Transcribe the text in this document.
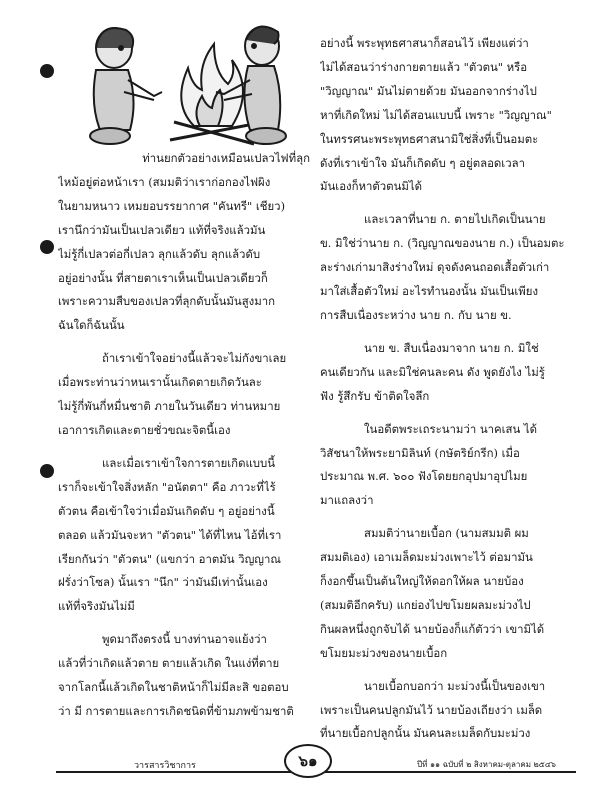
ท่านยกตัวอย่างเหมือนเปลวไฟที่ลุก
ไหม้อยู่ต่อหน้าเรา (สมมติว่าเราก่อกองไฟผิง
ในยามหนาว เหมยอบรรยากาศ "คันทรี" เชียว)
เรานึกว่ามันเป็นเปลวเดียว แท้ที่จริงแล้วมัน
ไม่รู้กี่เปลวต่อกี่เปลว ลุกแล้วดับ ลุกแล้วดับ
อยู่อย่างนั้น ที่สายตาเราเห็นเป็นเปลวเดียวก็
เพราะความสืบของเปลวที่ลุกดับนั้นมันสูงมาก
ฉันใดก็ฉันนั้น
ถ้าเราเข้าใจอย่างนี้แล้วจะไม่กังขาเลย
เมื่อพระท่านว่าหนเรานั้นเกิดตายเกิดวันละ
ไม่รู้กี่พันกี่หมื่นชาติ ภายในวันเดียว ท่านหมาย
เอาการเกิดและตายชั่วขณะจิตนี้เอง
และเมื่อเราเข้าใจการตายเกิดแบบนี้
เราก็จะเข้าใจสิ่งหลัก "อนัตตา" คือ ภาวะที่ไร้
ตัวตน คือเข้าใจว่าเมื่อมันเกิดดับ ๆ อยู่อย่างนี้
ตลอด แล้วมันจะหา "ตัวตน" ได้ที่ไหน ไอ้ที่เรา
เรียกกันว่า "ตัวตน" (แขกว่า อาตมัน วิญญาณ
ฝรั่งว่าโซล) นั้นเรา "นึก" ว่ามันมีเท่านั้นเอง
แท้ที่จริงมันไม่มี
พูดมาถึงตรงนี้ บางท่านอาจแย้งว่า
แล้วที่ว่าเกิดแล้วตาย ตายแล้วเกิด ในแง่ที่ตาย
จากโลกนี้แล้วเกิดในชาติหน้าก็ไม่มีละสิ ขอตอบ
ว่า มี การตายและการเกิดชนิดที่ข้ามภพข้ามชาติ
อย่างนี้ พระพุทธศาสนาก็สอนไว้ เพียงแต่ว่า
ไม่ได้สอนว่าร่างกายตายแล้ว "ตัวตน" หรือ
"วิญญาณ" มันไม่ตายด้วย มันออกจากร่างไป
หาที่เกิดใหม่ ไม่ได้สอนแบบนี้ เพราะ "วิญญาณ"
ในทรรศนะพระพุทธศาสนามิใช่สิ่งที่เป็นอมตะ
ดังที่เราเข้าใจ มันก็เกิดดับ ๆ อยู่ตลอดเวลา
มันเองก็หาตัวตนมิได้
และเวลาที่นาย ก. ตายไปเกิดเป็นนาย
ข. มิใช่ว่านาย ก. (วิญญาณของนาย ก.) เป็นอมตะ
ละร่างเก่ามาสิงร่างใหม่ ดุจดังคนถอดเสื้อตัวเก่า
มาใส่เสื้อตัวใหม่ อะไรทำนองนั้น มันเป็นเพียง
การสืบเนื่องระหว่าง นาย ก. กับ นาย ข.
นาย ข. สืบเนื่องมาจาก นาย ก. มิใช่
คนเดียวกัน และมิใช่คนละคน ดัง พูดยังไง ไม่รู้
ฟัง รู้สึกรับ ข้าติดใจลึก
ในอดีตพระเถระนามว่า นาคเสน ได้
วิสัชนาให้พระยามิลินท์ (กษัตริย์กรีก) เมื่อ
ประมาณ พ.ศ. ๖๐๐ ฟังโดยยกอุปมาอุปไมย
มาแถลงว่า
สมมติว่านายเบื้อก (นามสมมติ ผม
สมมติเอง) เอาเมล็ดมะม่วงเพาะไว้ ต่อมามัน
ก็งอกขึ้นเป็นต้นใหญ่ให้ดอกให้ผล นายบ้อง
(สมมติอีกครับ) แกย่องไปขโมยผลมะม่วงไป
กินผลหนึ่งถูกจับได้ นายบ้องก็แก้ตัวว่า เขามิได้
ขโมยมะม่วงของนายเบื้อก
นายเบื้อกบอกว่า มะม่วงนี้เป็นของเขา
เพราะเป็นคนปลูกมันไว้ นายบ้องเถียงว่า เมล็ด
ที่นายเบื้อกปลูกนั้น มันคนละเมล็ดกับมะม่วง
วารสารวิชาการ	๖๑	ปีที่ ๑๑ ฉบับที่ ๒ สิงหาคม-ตุลาคม ๒๕๔๖
